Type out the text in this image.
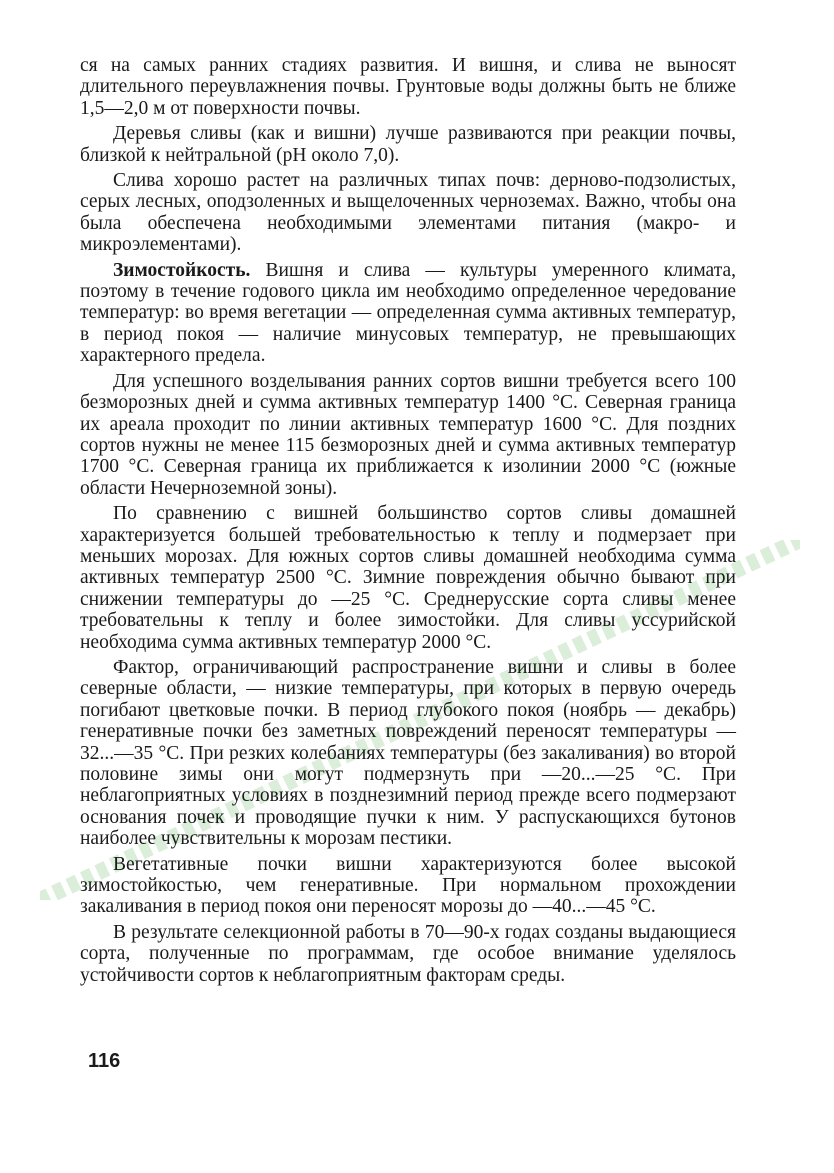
ся на самых ранних стадиях развития. И вишня, и слива не выносят длительного переувлажнения почвы. Грунтовые воды должны быть не ближе 1,5—2,0 м от поверхности почвы.

Деревья сливы (как и вишни) лучше развиваются при реакции почвы, близкой к нейтральной (pH около 7,0).

Слива хорошо растет на различных типах почв: дерново-подзолистых, серых лесных, оподзоленных и выщелоченных черноземах. Важно, чтобы она была обеспечена необходимыми элементами питания (макро- и микроэлементами).

Зимостойкость. Вишня и слива — культуры умеренного климата, поэтому в течение годового цикла им необходимо определенное чередование температур: во время вегетации — определенная сумма активных температур, в период покоя — наличие минусовых температур, не превышающих характерного предела.

Для успешного возделывания ранних сортов вишни требуется всего 100 безморозных дней и сумма активных температур 1400 °С. Северная граница их ареала проходит по линии активных температур 1600 °С. Для поздних сортов нужны не менее 115 безморозных дней и сумма активных температур 1700 °С. Северная граница их приближается к изолинии 2000 °С (южные области Нечерноземной зоны).

По сравнению с вишней большинство сортов сливы домашней характеризуется большей требовательностью к теплу и подмерзает при меньших морозах. Для южных сортов сливы домашней необходима сумма активных температур 2500 °С. Зимние повреждения обычно бывают при снижении температуры до —25 °С. Среднерусские сорта сливы менее требовательны к теплу и более зимостойки. Для сливы уссурийской необходима сумма активных температур 2000 °С.

Фактор, ограничивающий распространение вишни и сливы в более северные области, — низкие температуры, при которых в первую очередь погибают цветковые почки. В период глубокого покоя (ноябрь — декабрь) генеративные почки без заметных повреждений переносят температуры —32...—35 °С. При резких колебаниях температуры (без закаливания) во второй половине зимы они могут подмерзнуть при —20...—25 °С. При неблагоприятных условиях в позднезимний период прежде всего подмерзают основания почек и проводящие пучки к ним. У распускающихся бутонов наиболее чувствительны к морозам пестики.

Вегетативные почки вишни характеризуются более высокой зимостойкостью, чем генеративные. При нормальном прохождении закаливания в период покоя они переносят морозы до —40...—45 °С.

В результате селекционной работы в 70—90-х годах созданы выдающиеся сорта, полученные по программам, где особое внимание уделялось устойчивости сортов к неблагоприятным факторам среды.

116
